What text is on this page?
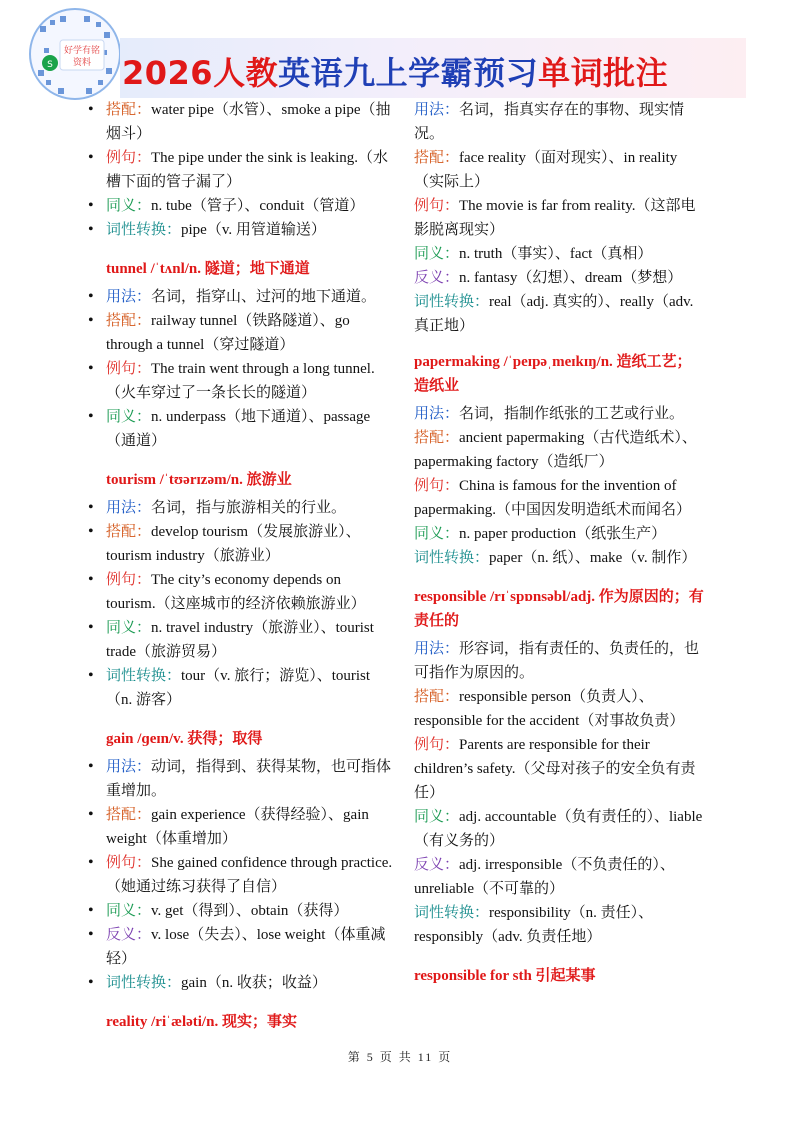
S
好学有铭
资料 2026人教英语九上学霸预习单词批注
• 搭配：water pipe（水管）、smoke a pipe（抽烟斗）
• 例句：The pipe under the sink is leaking.（水槽下面的管子漏了）
• 同义：n. tube（管子）、conduit（管道）
• 词性转换：pipe（v. 用管道输送）
tunnel /ˈtʌnl/n. 隧道；地下通道
• 用法：名词，指穿山、过河的地下通道。
• 搭配：railway tunnel（铁路隧道）、go through a tunnel（穿过隧道）
• 例句：The train went through a long tunnel.（火车穿过了一条长长的隧道）
• 同义：n. underpass（地下通道）、passage（通道）
tourism /ˈtʊərɪzəm/n. 旅游业
• 用法：名词，指与旅游相关的行业。
• 搭配：develop tourism（发展旅游业）、tourism industry（旅游业）
• 例句：The city’s economy depends on tourism.（这座城市的经济依赖旅游业）
• 同义：n. travel industry（旅游业）、tourist trade（旅游贸易）
• 词性转换：tour（v. 旅行；游览）、tourist（n. 游客）
gain /ɡeɪn/v. 获得；取得
• 用法：动词，指得到、获得某物，也可指体重增加。
• 搭配：gain experience（获得经验）、gain weight（体重增加）
• 例句：She gained confidence through practice.（她通过练习获得了自信）
• 同义：v. get（得到）、obtain（获得）
• 反义：v. lose（失去）、lose weight（体重减轻）
• 词性转换：gain（n. 收获；收益）
reality /riˈæləti/n. 现实；事实
用法：名词，指真实存在的事物、现实情况。
搭配：face reality（面对现实）、in reality（实际上）
例句：The movie is far from reality.（这部电影脱离现实）
同义：n. truth（事实）、fact（真相）
反义：n. fantasy（幻想）、dream（梦想）
词性转换：real（adj. 真实的）、really（adv. 真正地）
papermaking /ˈpeɪpəˌmeɪkɪŋ/n. 造纸工艺；造纸业
用法：名词，指制作纸张的工艺或行业。
搭配：ancient papermaking（古代造纸术）、papermaking factory（造纸厂）
例句：China is famous for the invention of papermaking.（中国因发明造纸术而闻名）
同义：n. paper production（纸张生产）
词性转换：paper（n. 纸）、make（v. 制作）
responsible /rɪˈspɒnsəbl/adj. 作为原因的；有责任的
用法：形容词，指有责任的、负责任的，也可指作为原因的。
搭配：responsible person（负责人）、responsible for the accident（对事故负责）
例句：Parents are responsible for their children’s safety.（父母对孩子的安全负有责任）
同义：adj. accountable（负有责任的）、liable（有义务的）
反义：adj. irresponsible（不负责任的）、unreliable（不可靠的）
词性转换：responsibility（n. 责任）、responsibly（adv. 负责任地）
responsible for sth 引起某事
第 5 页 共 11 页
